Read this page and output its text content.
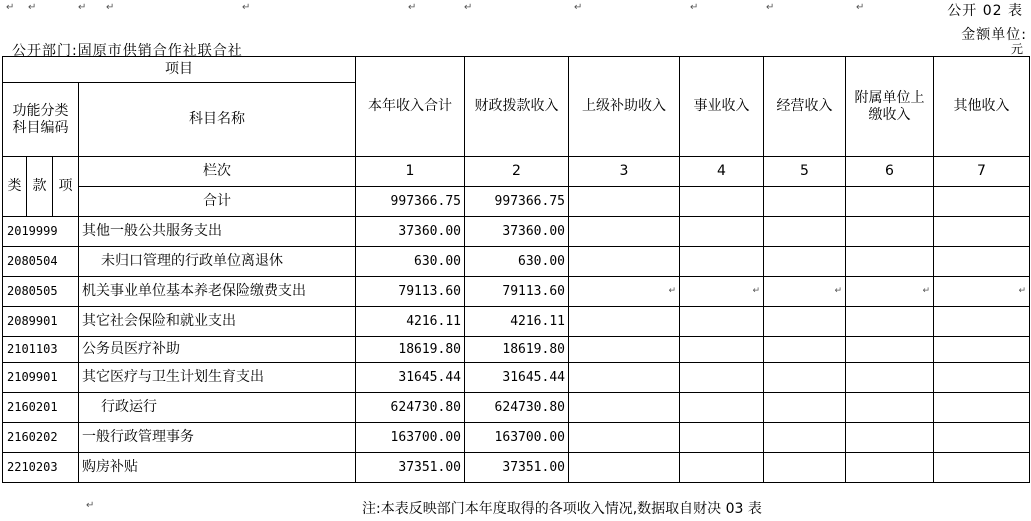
↵ ↵	↵ ↵	↵	↵	↵	↵	↵	↵	↵	公开 02 表
金额单位:
元
公开部门:固原市供销合作社联合社
项目				本年收入合计	财政拨款收入	上级补助收入	事业收入	经营收入	附属单位上缴收入	其他收入
功能分类科目编码			科目名称							
类	款	项	栏次	1	2	3	4	5	6	7
			合计	997366.75	997366.75					
2019999			其他一般公共服务支出	37360.00	37360.00					
2080504			未归口管理的行政单位离退休	630.00	630.00					
2080505			机关事业单位基本养老保险缴费支出	79113.60	79113.60	↵	↵	↵	↵	↵

2089901			其它社会保险和就业支出	4216.11	4216.11					
2101103			公务员医疗补助	18619.80	18619.80					
2109901			其它医疗与卫生计划生育支出	31645.44	31645.44					
2160201			行政运行	624730.80	624730.80					
2160202			一般行政管理事务	163700.00	163700.00					
2210203			购房补贴	37351.00	37351.00					
↵	注:本表反映部门本年度取得的各项收入情况,数据取自财决 03 表
